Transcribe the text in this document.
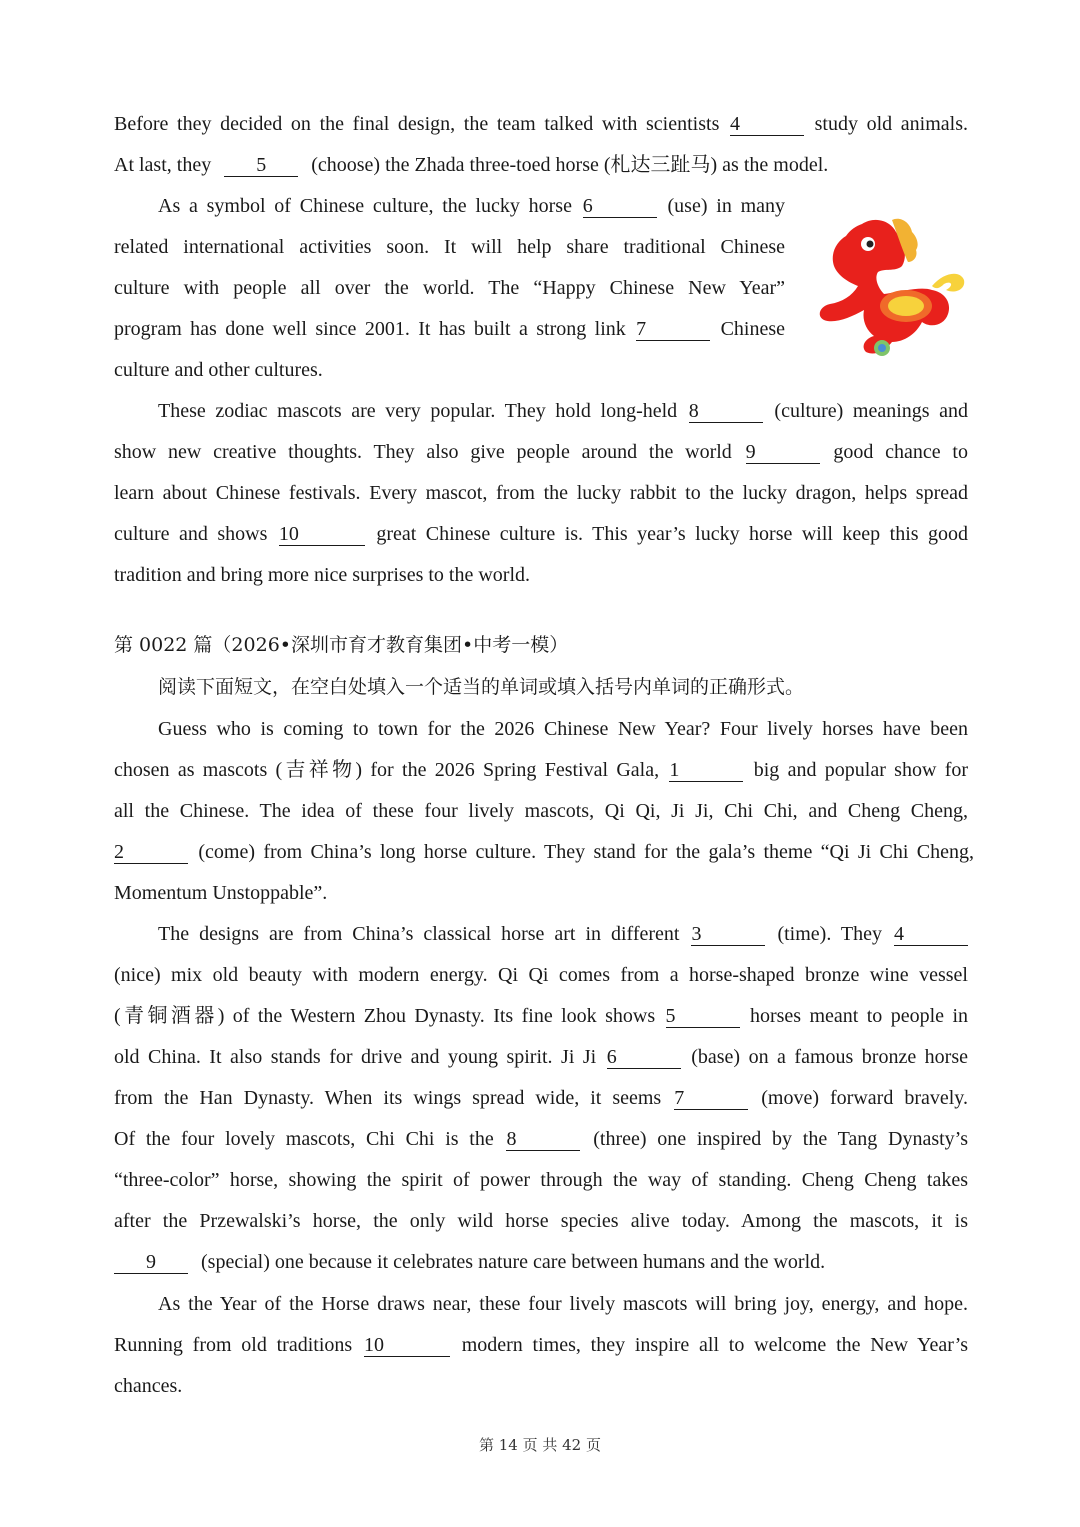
Before they decided on the final design, the team talked with scientists 4	study old animals.
At last, they 5 (choose) the Zhada three-toed horse (札达三趾马) as the model.
As a symbol of Chinese culture, the lucky horse 6	(use) in many
related international activities soon. It will help share traditional Chinese
culture with people all over the world. The “Happy Chinese New Year”
program has done well since 2001. It has built a strong link 7	Chinese
culture and other cultures.
These zodiac mascots are very popular. They hold long-held 8	(culture) meanings and
show new creative thoughts. They also give people around the world 9	good chance to
learn about Chinese festivals. Every mascot, from the lucky rabbit to the lucky dragon, helps spread
culture and shows 10	great Chinese culture is. This year’s lucky horse will keep this good
tradition and bring more nice surprises to the world.
第 0022 篇（2026•深圳市育才教育集团•中考一模）
阅读下面短文，在空白处填入一个适当的单词或填入括号内单词的正确形式。
Guess who is coming to town for the 2026 Chinese New Year? Four lively horses have been
chosen as mascots (吉祥物) for the 2026 Spring Festival Gala, 1	big and popular show for
all the Chinese. The idea of these four lively mascots, Qi Qi, Ji Ji, Chi Chi, and Cheng Cheng,
2	(come) from China’s long horse culture. They stand for the gala’s theme “Qi Ji Chi Cheng,
Momentum Unstoppable”.
The designs are from China’s classical horse art in different 3	(time). They 4
(nice) mix old beauty with modern energy. Qi Qi comes from a horse-shaped bronze wine vessel
(青铜酒器) of the Western Zhou Dynasty. Its fine look shows 5	horses meant to people in
old China. It also stands for drive and young spirit. Ji Ji 6	(base) on a famous bronze horse
from the Han Dynasty. When its wings spread wide, it seems 7	(move) forward bravely.
Of the four lovely mascots, Chi Chi is the 8	(three) one inspired by the Tang Dynasty’s
“three-color” horse, showing the spirit of power through the way of standing. Cheng Cheng takes
after the Przewalski’s horse, the only wild horse species alive today. Among the mascots, it is
9 (special) one because it celebrates nature care between humans and the world.
As the Year of the Horse draws near, these four lively mascots will bring joy, energy, and hope.
Running from old traditions 10	modern times, they inspire all to welcome the New Year’s
chances.
第 14 页 共 42 页
